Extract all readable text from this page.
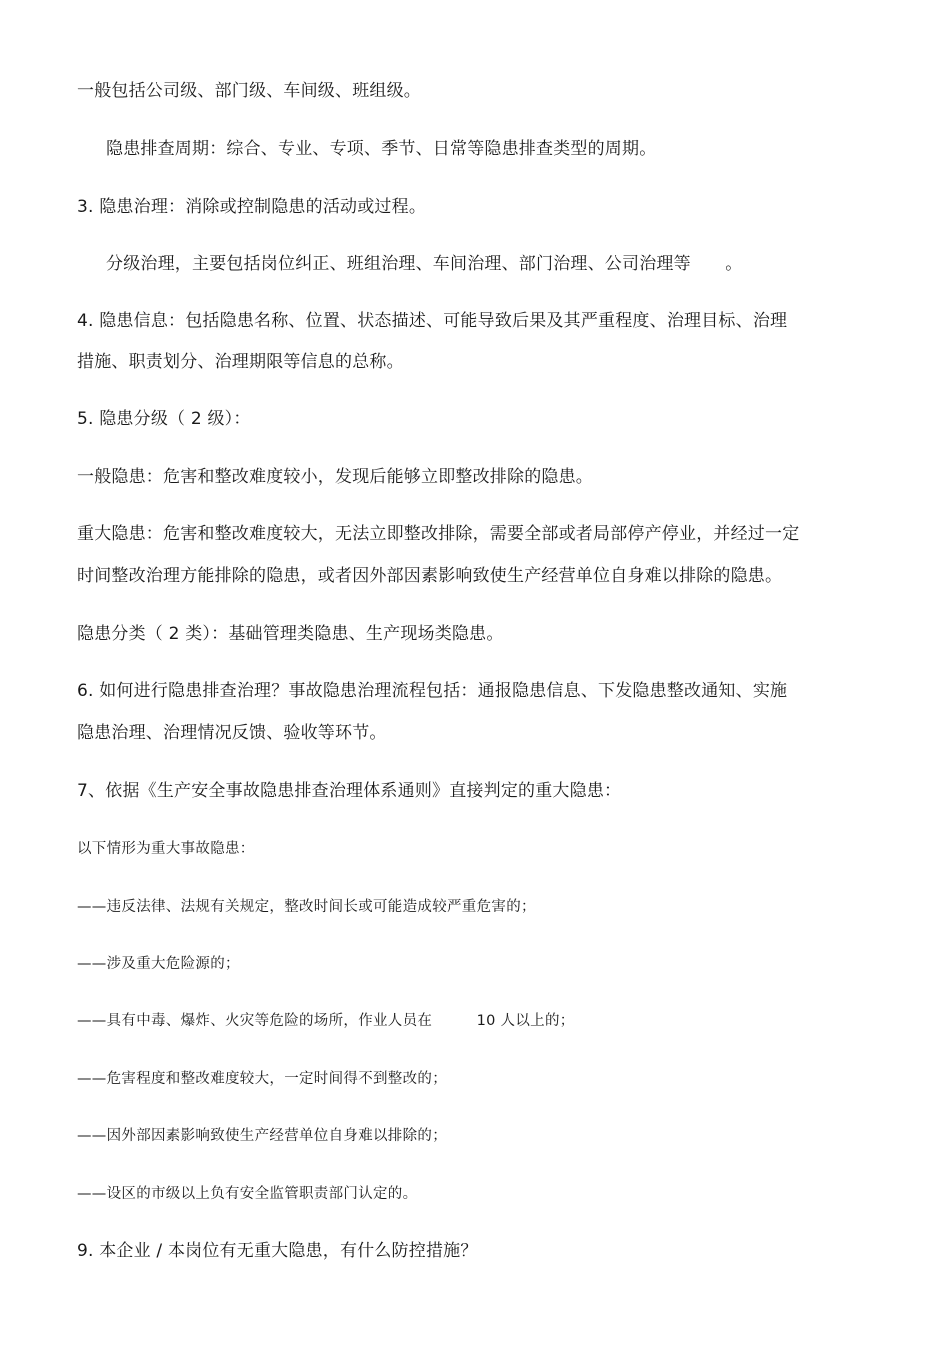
一般包括公司级、部门级、车间级、班组级。
隐患排查周期：综合、专业、专项、季节、日常等隐患排查类型的周期。
3. 隐患治理：消除或控制隐患的活动或过程。
分级治理，主要包括岗位纠正、班组治理、车间治理、部门治理、公司治理等　　。
4. 隐患信息：包括隐患名称、位置、状态描述、可能导致后果及其严重程度、治理目标、治理
措施、职责划分、治理期限等信息的总称。
5. 隐患分级（ 2 级）：
一般隐患：危害和整改难度较小，发现后能够立即整改排除的隐患。
重大隐患：危害和整改难度较大，无法立即整改排除，需要全部或者局部停产停业，并经过一定
时间整改治理方能排除的隐患，或者因外部因素影响致使生产经营单位自身难以排除的隐患。
隐患分类（ 2 类）：基础管理类隐患、生产现场类隐患。
6. 如何进行隐患排查治理？事故隐患治理流程包括：通报隐患信息、下发隐患整改通知、实施
隐患治理、治理情况反馈、验收等环节。
7、依据《生产安全事故隐患排查治理体系通则》直接判定的重大隐患：
以下情形为重大事故隐患：
——违反法律、法规有关规定，整改时间长或可能造成较严重危害的；
——涉及重大危险源的；
——具有中毒、爆炸、火灾等危险的场所，作业人员在　　　10 人以上的；
——危害程度和整改难度较大，一定时间得不到整改的；
——因外部因素影响致使生产经营单位自身难以排除的；
——设区的市级以上负有安全监管职责部门认定的。
9. 本企业 / 本岗位有无重大隐患，有什么防控措施？
